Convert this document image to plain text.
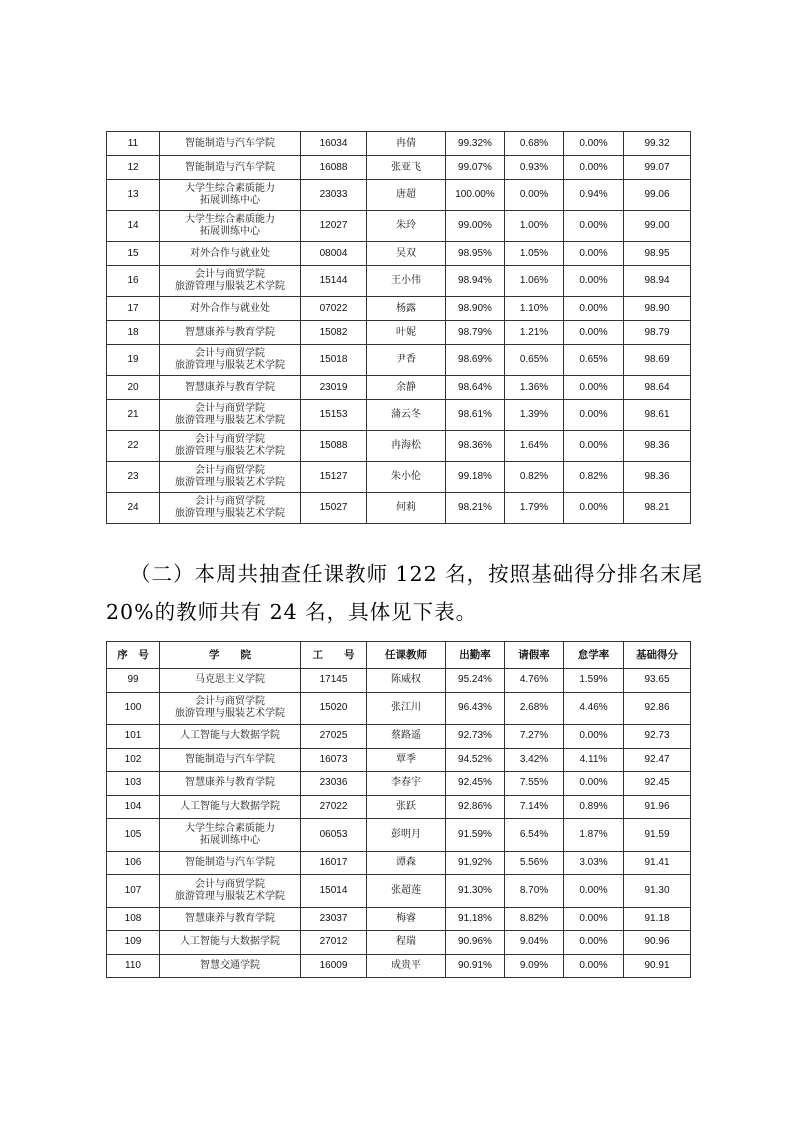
11	智能制造与汽车学院	16034	冉倩	99.32%	0.68%	0.00%	99.32
12	智能制造与汽车学院	16088	张亚飞	99.07%	0.93%	0.00%	99.07
13	大学生综合素质能力
拓展训练中心	23033	唐超	100.00%	0.00%	0.94%	99.06
14	大学生综合素质能力
拓展训练中心	12027	朱玲	99.00%	1.00%	0.00%	99.00
15	对外合作与就业处	08004	吴双	98.95%	1.05%	0.00%	98.95
16	会计与商贸学院
旅游管理与服装艺术学院	15144	王小伟	98.94%	1.06%	0.00%	98.94
17	对外合作与就业处	07022	杨露	98.90%	1.10%	0.00%	98.90
18	智慧康养与教育学院	15082	叶妮	98.79%	1.21%	0.00%	98.79
19	会计与商贸学院
旅游管理与服装艺术学院	15018	尹香	98.69%	0.65%	0.65%	98.69
20	智慧康养与教育学院	23019	余静	98.64%	1.36%	0.00%	98.64
21	会计与商贸学院
旅游管理与服装艺术学院	15153	蒲云冬	98.61%	1.39%	0.00%	98.61
22	会计与商贸学院
旅游管理与服装艺术学院	15088	冉海松	98.36%	1.64%	0.00%	98.36
23	会计与商贸学院
旅游管理与服装艺术学院	15127	朱小伦	99.18%	0.82%	0.82%	98.36
24	会计与商贸学院
旅游管理与服装艺术学院	15027	何莉	98.21%	1.79%	0.00%	98.21
（二）本周共抽查任课教师 122 名，按照基础得分排名末尾
20%的教师共有 24 名，具体见下表。
序　号	学　　院	工　　号	任课教师	出勤率	请假率	怠学率	基础得分
99	马克思主义学院	17145	陈威权	95.24%	4.76%	1.59%	93.65
100	会计与商贸学院
旅游管理与服装艺术学院	15020	张江川	96.43%	2.68%	4.46%	92.86
101	人工智能与大数据学院	27025	蔡路遥	92.73%	7.27%	0.00%	92.73
102	智能制造与汽车学院	16073	覃季	94.52%	3.42%	4.11%	92.47
103	智慧康养与教育学院	23036	李春宇	92.45%	7.55%	0.00%	92.45
104	人工智能与大数据学院	27022	张跃	92.86%	7.14%	0.89%	91.96
105	大学生综合素质能力
拓展训练中心	06053	彭明月	91.59%	6.54%	1.87%	91.59
106	智能制造与汽车学院	16017	谭森	91.92%	5.56%	3.03%	91.41
107	会计与商贸学院
旅游管理与服装艺术学院	15014	张超莲	91.30%	8.70%	0.00%	91.30
108	智慧康养与教育学院	23037	梅睿	91.18%	8.82%	0.00%	91.18
109	人工智能与大数据学院	27012	程瑞	90.96%	9.04%	0.00%	90.96
110	智慧交通学院	16009	成贵平	90.91%	9.09%	0.00%	90.91
